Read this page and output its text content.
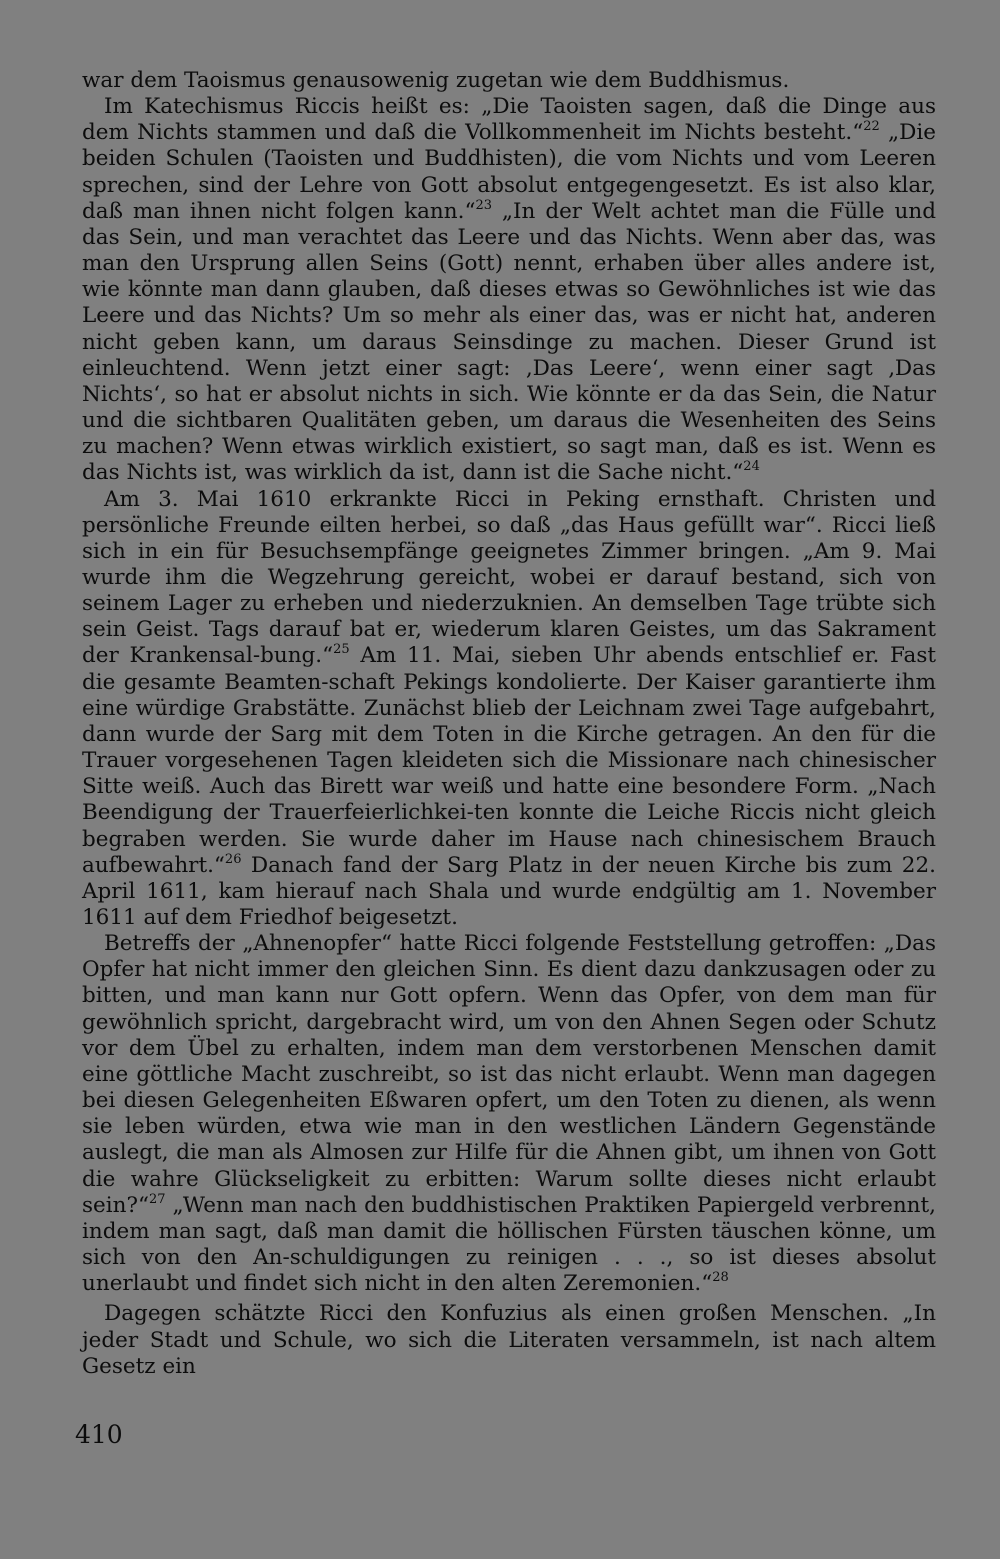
war dem Taoismus genausowenig zugetan wie dem Buddhismus.

Im Katechismus Riccis heißt es: „Die Taoisten sagen, daß die Dinge aus dem Nichts stammen und daß die Vollkommenheit im Nichts besteht.“$^{22}$ „Die beiden Schulen (Taoisten und Buddhisten), die vom Nichts und vom Leeren sprechen, sind der Lehre von Gott absolut entgegengesetzt. Es ist also klar, daß man ihnen nicht folgen kann.“$^{23}$ „In der Welt achtet man die Fülle und das Sein, und man verachtet das Leere und das Nichts. Wenn aber das, was man den Ursprung allen Seins (Gott) nennt, erhaben über alles andere ist, wie könnte man dann glauben, daß dieses etwas so Gewöhnliches ist wie das Leere und das Nichts? Um so mehr als einer das, was er nicht hat, anderen nicht geben kann, um daraus Seinsdinge zu machen. Dieser Grund ist einleuchtend. Wenn jetzt einer sagt: ‚Das Leere‘, wenn einer sagt ‚Das Nichts‘, so hat er absolut nichts in sich. Wie könnte er da das Sein, die Natur und die sichtbaren Qualitäten geben, um daraus die Wesenheiten des Seins zu machen? Wenn etwas wirklich existiert, so sagt man, daß es ist. Wenn es das Nichts ist, was wirklich da ist, dann ist die Sache nicht.“$^{24}$

Am 3. Mai 1610 erkrankte Ricci in Peking ernsthaft. Christen und persönliche Freunde eilten herbei, so daß „das Haus gefüllt war“. Ricci ließ sich in ein für Besuchsempfänge geeignetes Zimmer bringen. „Am 9. Mai wurde ihm die Wegzehrung gereicht, wobei er darauf bestand, sich von seinem Lager zu erheben und niederzuknien. An demselben Tage trübte sich sein Geist. Tags darauf bat er, wiederum klaren Geistes, um das Sakrament der Krankensal-bung.“$^{25}$ Am 11. Mai, sieben Uhr abends entschlief er. Fast die gesamte Beamten-schaft Pekings kondolierte. Der Kaiser garantierte ihm eine würdige Grabstätte. Zunächst blieb der Leichnam zwei Tage aufgebahrt, dann wurde der Sarg mit dem Toten in die Kirche getragen. An den für die Trauer vorgesehenen Tagen kleideten sich die Missionare nach chinesischer Sitte weiß. Auch das Birett war weiß und hatte eine besondere Form. „Nach Beendigung der Trauerfeierlichkei-ten konnte die Leiche Riccis nicht gleich begraben werden. Sie wurde daher im Hause nach chinesischem Brauch aufbewahrt.“$^{26}$ Danach fand der Sarg Platz in der neuen Kirche bis zum 22. April 1611, kam hierauf nach Shala und wurde endgültig am 1. November 1611 auf dem Friedhof beigesetzt.

Betreffs der „Ahnenopfer“ hatte Ricci folgende Feststellung getroffen: „Das Opfer hat nicht immer den gleichen Sinn. Es dient dazu dankzusagen oder zu bitten, und man kann nur Gott opfern. Wenn das Opfer, von dem man für gewöhnlich spricht, dargebracht wird, um von den Ahnen Segen oder Schutz vor dem Übel zu erhalten, indem man dem verstorbenen Menschen damit eine göttliche Macht zuschreibt, so ist das nicht erlaubt. Wenn man dagegen bei diesen Gelegenheiten Eßwaren opfert, um den Toten zu dienen, als wenn sie leben würden, etwa wie man in den westlichen Ländern Gegenstände auslegt, die man als Almosen zur Hilfe für die Ahnen gibt, um ihnen von Gott die wahre Glückseligkeit zu erbitten: Warum sollte dieses nicht erlaubt sein?“$^{27}$ „Wenn man nach den buddhistischen Praktiken Papiergeld verbrennt, indem man sagt, daß man damit die höllischen Fürsten täuschen könne, um sich von den An-schuldigungen zu reinigen . . ., so ist dieses absolut unerlaubt und findet sich nicht in den alten Zeremonien.“$^{28}$

Dagegen schätzte Ricci den Konfuzius als einen großen Menschen. „In jeder Stadt und Schule, wo sich die Literaten versammeln, ist nach altem Gesetz ein

410
